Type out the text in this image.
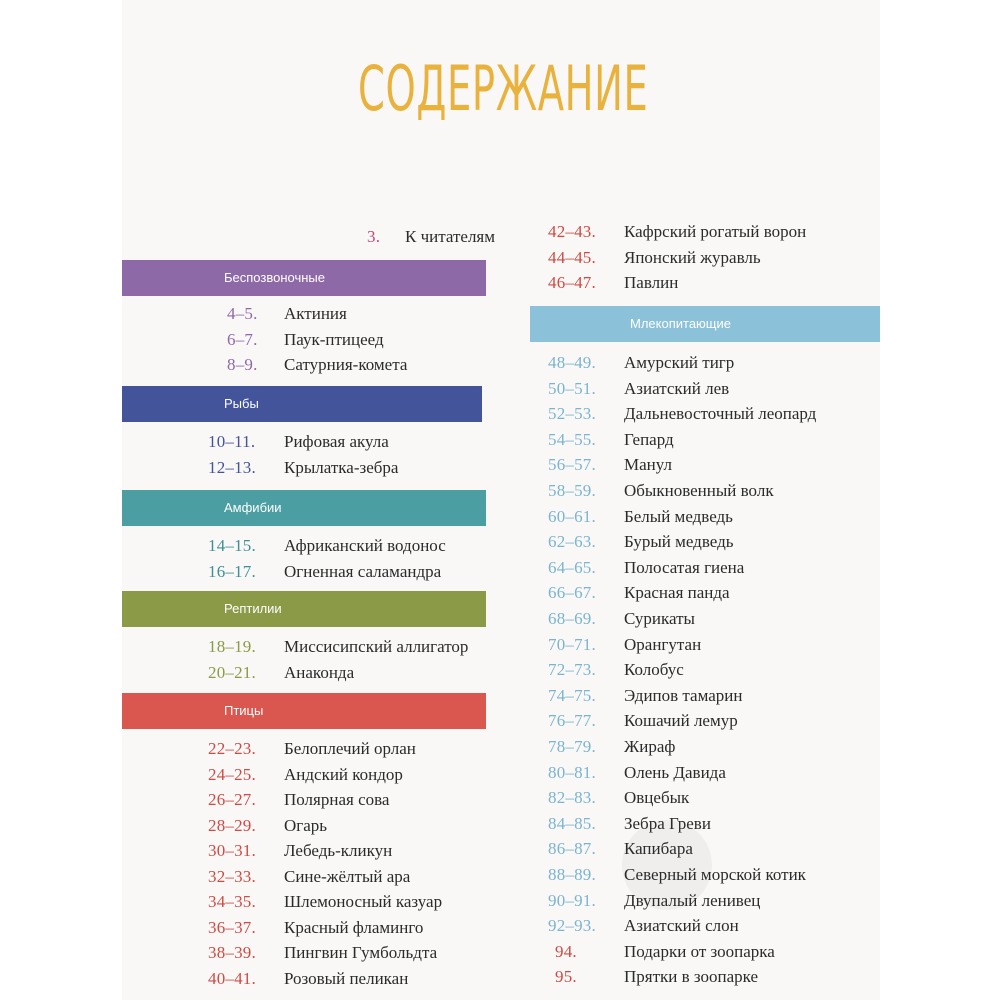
СОДЕРЖАНИЕ
3. К читателям
Беспозвоночные
4–5. Актиния
6–7. Паук-птицеед
8–9. Сатурния-комета
Рыбы
10–11. Рифовая акула
12–13. Крылатка-зебра
Амфибии
14–15. Африканский водонос
16–17. Огненная саламандра
Рептилии
18–19. Миссисипский аллигатор
20–21. Анаконда
Птицы
22–23. Белоплечий орлан
24–25. Андский кондор
26–27. Полярная сова
28–29. Огарь
30–31. Лебедь-кликун
32–33. Сине-жёлтый ара
34–35. Шлемоносный казуар
36–37. Красный фламинго
38–39. Пингвин Гумбольдта
40–41. Розовый пеликан
42–43. Кафрский рогатый ворон
44–45. Японский журавль
46–47. Павлин
Млекопитающие
48–49. Амурский тигр
50–51. Азиатский лев
52–53. Дальневосточный леопард
54–55. Гепард
56–57. Манул
58–59. Обыкновенный волк
60–61. Белый медведь
62–63. Бурый медведь
64–65. Полосатая гиена
66–67. Красная панда
68–69. Сурикаты
70–71. Орангутан
72–73. Колобус
74–75. Эдипов тамарин
76–77. Кошачий лемур
78–79. Жираф
80–81. Олень Давида
82–83. Овцебык
84–85. Зебра Греви
86–87. Капибара
88–89. Северный морской котик
90–91. Двупалый ленивец
92–93. Азиатский слон
94.	Подарки от зоопарка
95.	Прятки в зоопарке
